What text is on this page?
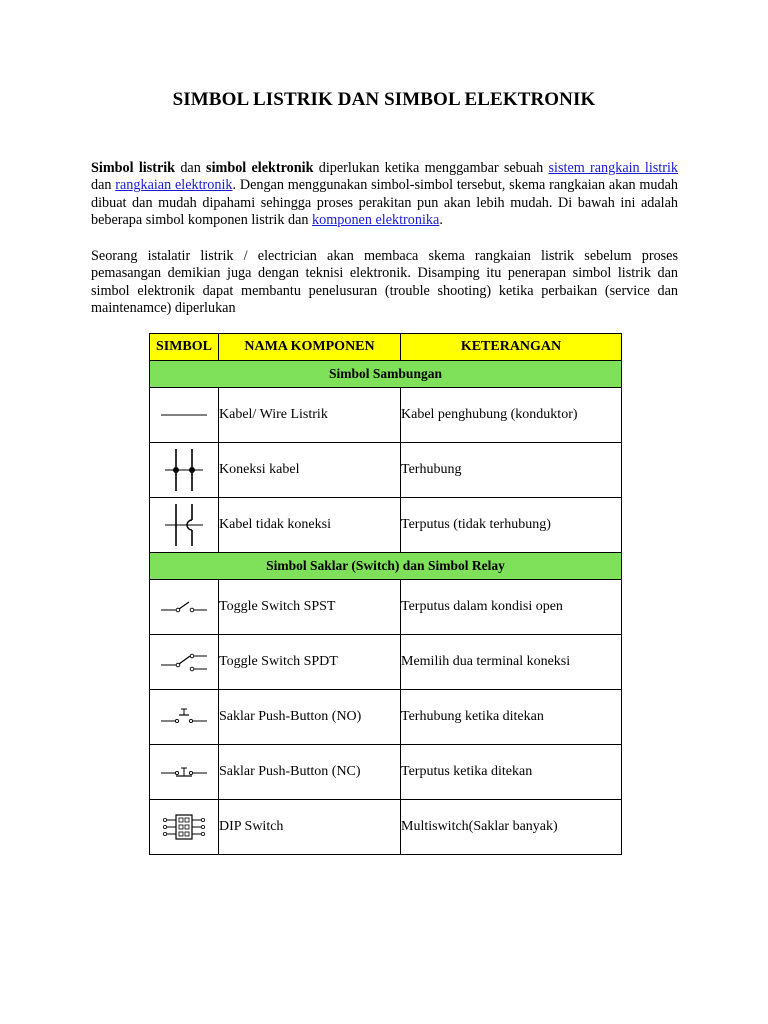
SIMBOL LISTRIK DAN SIMBOL ELEKTRONIK

Simbol listrik dan simbol elektronik diperlukan ketika menggambar sebuah sistem rangkain listrik dan rangkaian elektronik. Dengan menggunakan simbol-simbol tersebut, skema rangkaian akan mudah dibuat dan mudah dipahami sehingga proses perakitan pun akan lebih mudah. Di bawah ini adalah beberapa simbol komponen listrik dan komponen elektronika.

Seorang istalatir listrik / electrician akan membaca skema rangkaian listrik sebelum proses pemasangan demikian juga dengan teknisi elektronik. Disamping itu penerapan simbol listrik dan simbol elektronik dapat membantu penelusuran (trouble shooting) ketika perbaikan (service dan maintenamce) diperlukan

SIMBOL	NAMA KOMPONEN	KETERANGAN
Simbol Sambungan		

	Kabel/ Wire Listrik	Kabel penghubung (konduktor)

	Koneksi kabel	Terhubung

	Kabel tidak koneksi	Terputus (tidak terhubung)
Simbol Saklar (Switch) dan Simbol Relay		

	Toggle Switch SPST	Terputus dalam kondisi open

	Toggle Switch SPDT	Memilih dua terminal koneksi

	Saklar Push-Button (NO)	Terhubung ketika ditekan

	Saklar Push-Button (NC)	Terputus ketika ditekan

	DIP Switch	Multiswitch(Saklar banyak)
